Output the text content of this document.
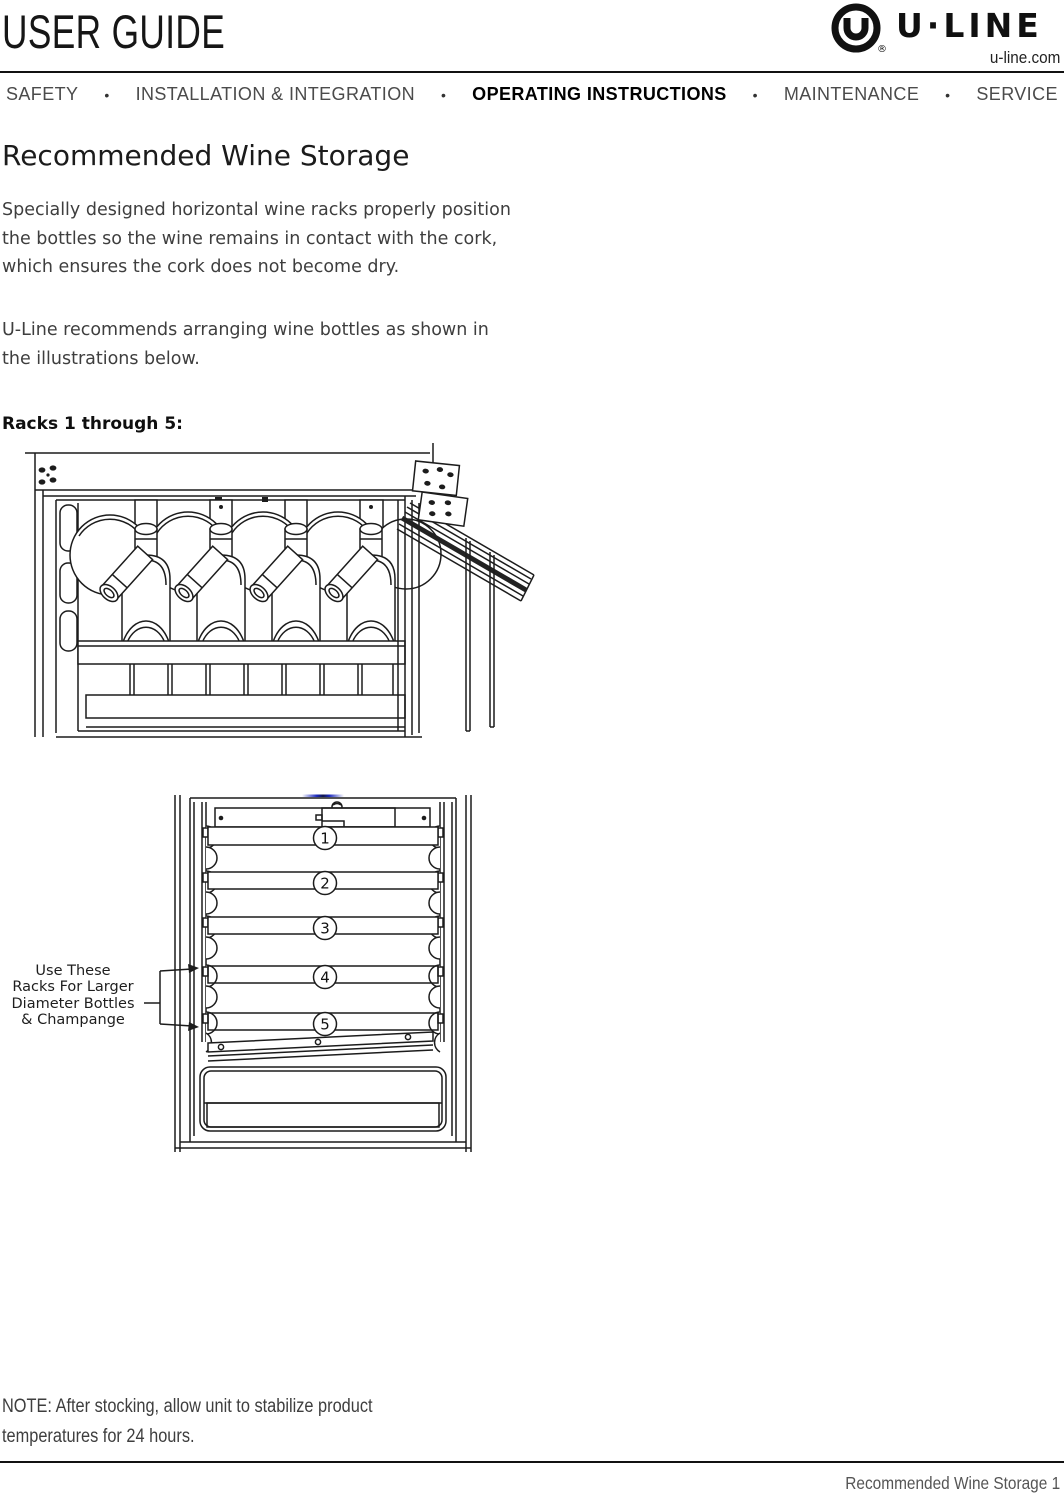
USER GUIDE	®
U·LINE
u-line.com
SAFETY • INSTALLATION & INTEGRATION • OPERATING INSTRUCTIONS • MAINTENANCE • SERVICE
Recommended Wine Storage
Specially designed horizontal wine racks properly position
the bottles so the wine remains in contact with the cork,
which ensures the cork does not become dry.
U-Line recommends arranging wine bottles as shown in
the illustrations below.
Racks 1 through 5:
1
2
3
4
5
Use These
Racks For Larger
Diameter Bottles
& Champange
NOTE: After stocking, allow unit to stabilize product
temperatures for 24 hours.
Recommended Wine Storage 1
